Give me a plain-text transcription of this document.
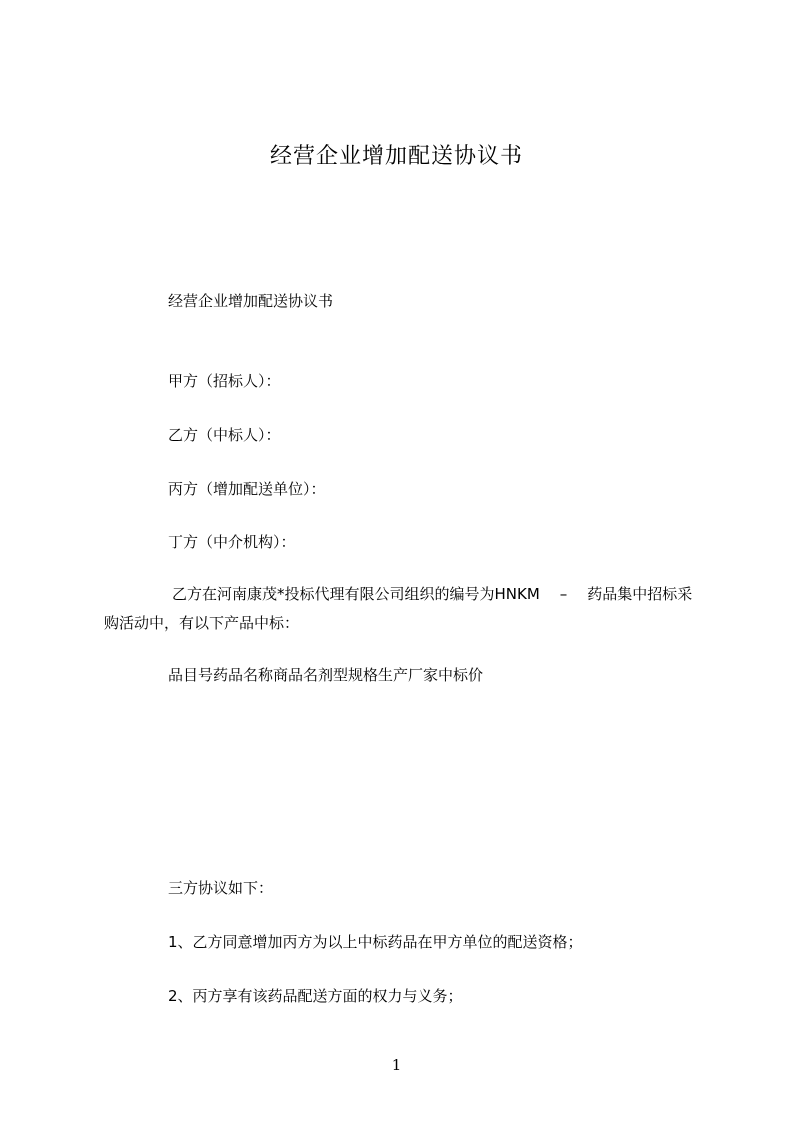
经营企业增加配送协议书

经营企业增加配送协议书

甲方（招标人）：

乙方（中标人）：

丙方（增加配送单位）：

丁方（中介机构）：

乙方在河南康茂*投标代理有限公司组织的编号为HNKM – 药品集中招标采购活动中，有以下产品中标：

品目号药品名称商品名剂型规格生产厂家中标价

三方协议如下：

1、乙方同意增加丙方为以上中标药品在甲方单位的配送资格；

2、丙方享有该药品配送方面的权力与义务；

1
